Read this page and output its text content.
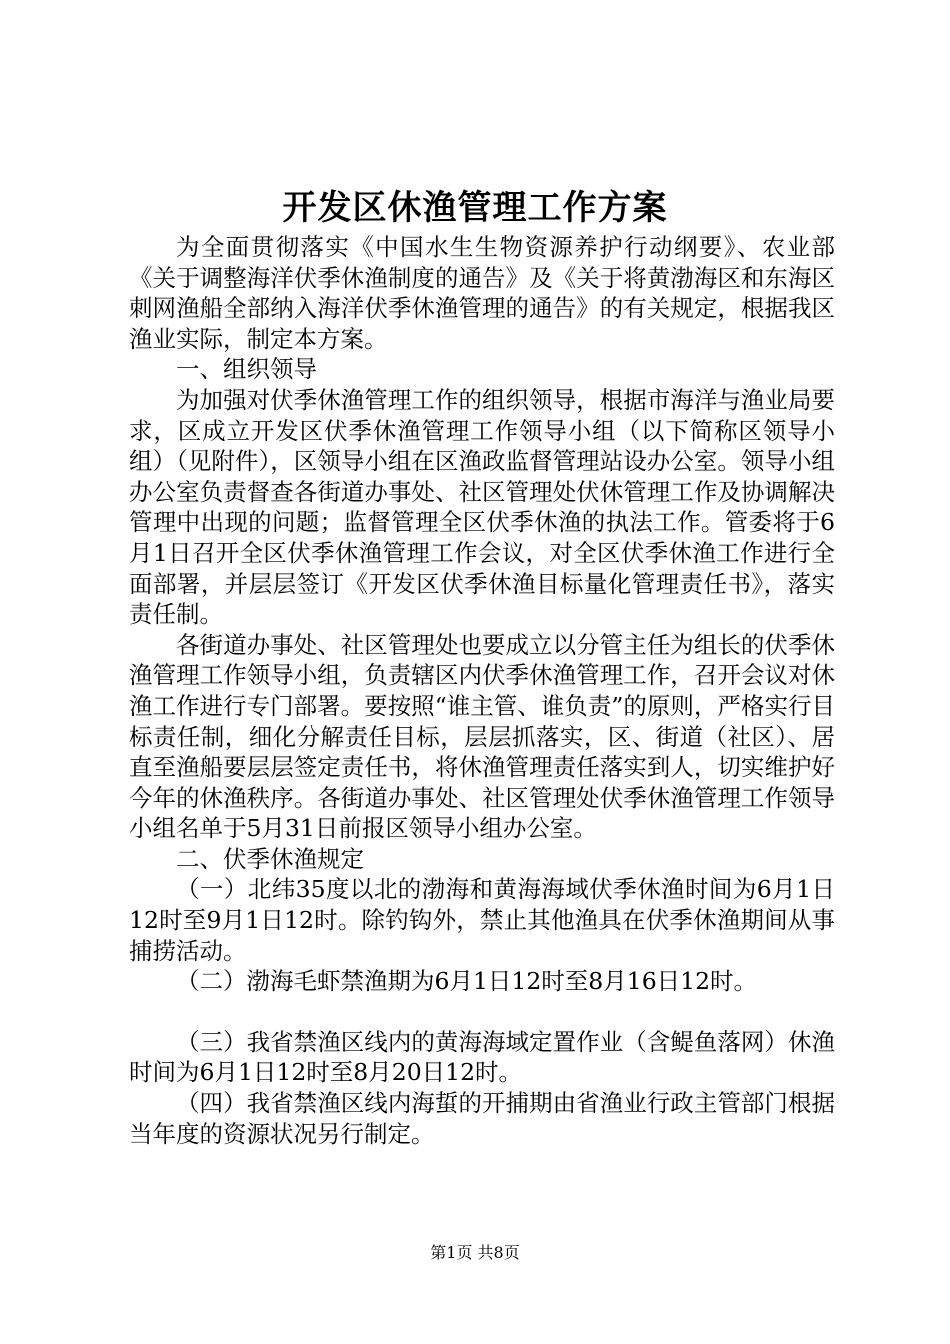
开发区休渔管理工作方案

为全面贯彻落实《中国水生生物资源养护行动纲要》、农业部《关于调整海洋伏季休渔制度的通告》及《关于将黄渤海区和东海区刺网渔船全部纳入海洋伏季休渔管理的通告》的有关规定，根据我区渔业实际，制定本方案。

一、组织领导

为加强对伏季休渔管理工作的组织领导，根据市海洋与渔业局要求，区成立开发区伏季休渔管理工作领导小组（以下简称区领导小组）（见附件），区领导小组在区渔政监督管理站设办公室。领导小组办公室负责督查各街道办事处、社区管理处伏休管理工作及协调解决管理中出现的问题；监督管理全区伏季休渔的执法工作。管委将于6月1日召开全区伏季休渔管理工作会议，对全区伏季休渔工作进行全面部署，并层层签订《开发区伏季休渔目标量化管理责任书》，落实责任制。

各街道办事处、社区管理处也要成立以分管主任为组长的伏季休渔管理工作领导小组，负责辖区内伏季休渔管理工作，召开会议对休渔工作进行专门部署。要按照“谁主管、谁负责”的原则，严格实行目标责任制，细化分解责任目标，层层抓落实，区、街道（社区）、居直至渔船要层层签定责任书，将休渔管理责任落实到人，切实维护好今年的休渔秩序。各街道办事处、社区管理处伏季休渔管理工作领导小组名单于5月31日前报区领导小组办公室。

二、伏季休渔规定

（一）北纬35度以北的渤海和黄海海域伏季休渔时间为6月1日12时至9月1日12时。除钓钩外，禁止其他渔具在伏季休渔期间从事捕捞活动。

（二）渤海毛虾禁渔期为6月1日12时至8月16日12时。

（三）我省禁渔区线内的黄海海域定置作业（含鳀鱼落网）休渔时间为6月1日12时至8月20日12时。

（四）我省禁渔区线内海蜇的开捕期由省渔业行政主管部门根据当年度的资源状况另行制定。

第1页 共8页
